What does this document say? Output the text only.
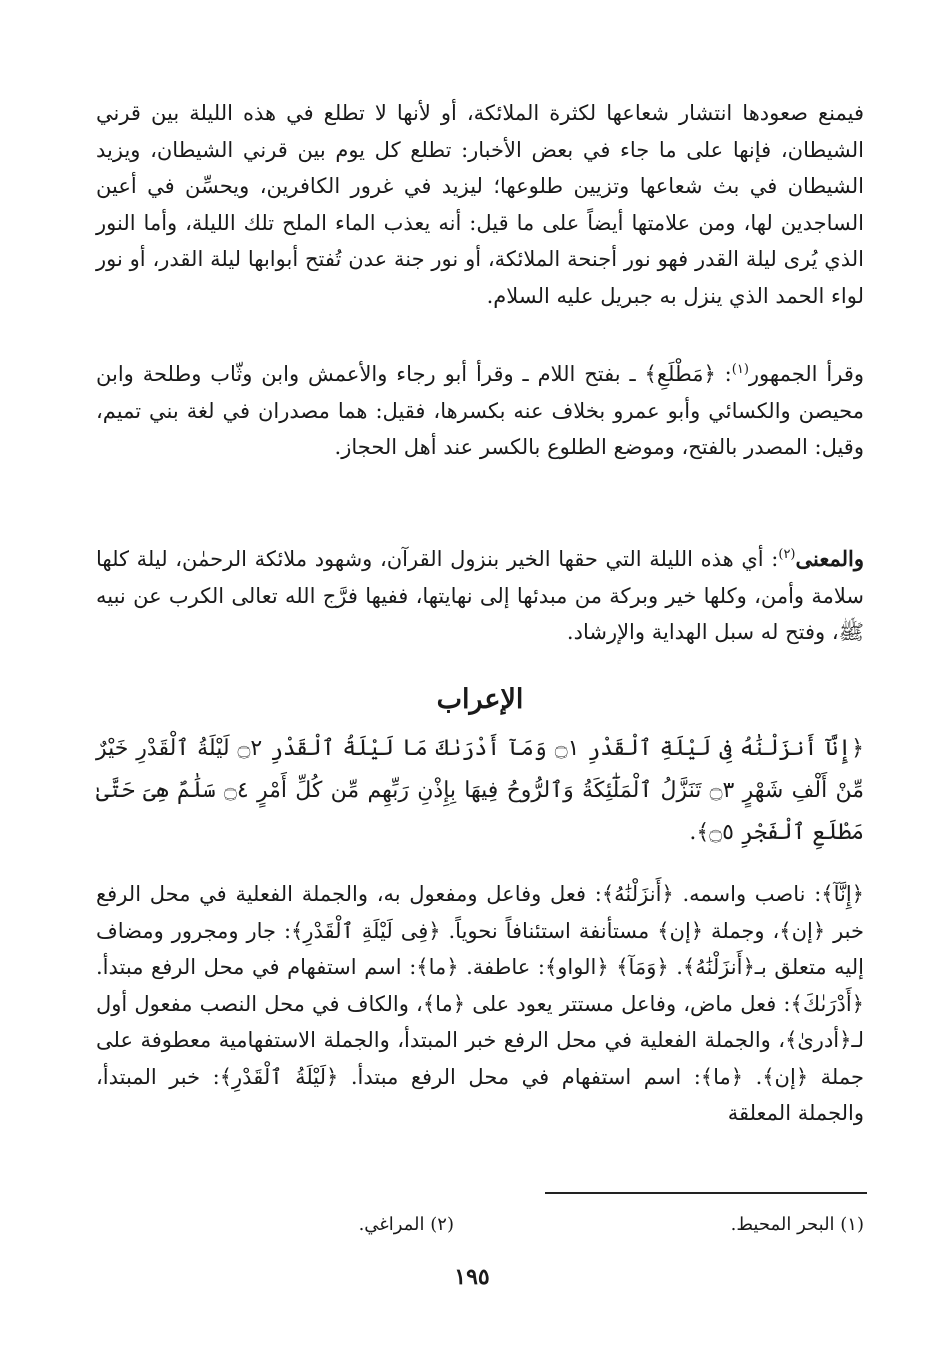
فيمنع صعودها انتشار شعاعها لكثرة الملائكة، أو لأنها لا تطلع في هذه الليلة بين قرني الشيطان، فإنها على ما جاء في بعض الأخبار: تطلع كل يوم بين قرني الشيطان، ويزيد الشيطان في بث شعاعها وتزيين طلوعها؛ ليزيد في غرور الكافرين، ويحسِّن في أعين الساجدين لها، ومن علامتها أيضاً على ما قيل: أنه يعذب الماء الملح تلك الليلة، وأما النور الذي يُرى ليلة القدر فهو نور أجنحة الملائكة، أو نور جنة عدن تُفتح أبوابها ليلة القدر، أو نور لواء الحمد الذي ينزل به جبريل عليه السلام.
وقرأ الجمهور$^{(١)}$: ﴿مَطْلَعِ﴾ ـ بفتح اللام ـ وقرأ أبو رجاء والأعمش وابن وثّاب وطلحة وابن محيصن والكسائي وأبو عمرو بخلاف عنه بكسرها، فقيل: هما مصدران في لغة بني تميم، وقيل: المصدر بالفتح، وموضع الطلوع بالكسر عند أهل الحجاز.
والمعنى$^{(٢)}$: أي هذه الليلة التي حقها الخير بنزول القرآن، وشهود ملائكة الرحمٰن، ليلة كلها سلامة وأمن، وكلها خير وبركة من مبدئها إلى نهايتها، ففيها فرَّج الله تعالى الكرب عن نبيه ﷺ، وفتح له سبل الهداية والإرشاد.
الإعراب
﴿إِنَّآ أَنزَلْنَٰهُ فِى لَيْلَةِ ٱلْقَدْرِ ۝١ وَمَآ أَدْرَىٰكَ مَا لَيْلَةُ ٱلْقَدْرِ ۝٢ لَيْلَةُ ٱلْقَدْرِ خَيْرٌ مِّنْ أَلْفِ شَهْرٍ ۝٣ تَنَزَّلُ ٱلْمَلَٰٓئِكَةُ وَٱلرُّوحُ فِيهَا بِإِذْنِ رَبِّهِم مِّن كُلِّ أَمْرٍ ۝٤ سَلَٰمٌ هِىَ حَتَّىٰ مَطْلَعِ ٱلْفَجْرِ ۝٥﴾.
﴿إِنَّآ﴾: ناصب واسمه. ﴿أَنزَلْنَٰهُ﴾: فعل وفاعل ومفعول به، والجملة الفعلية في محل الرفع خبر ﴿إن﴾، وجملة ﴿إن﴾ مستأنفة استئنافاً نحوياً. ﴿فِى لَيْلَةِ ٱلْقَدْرِ﴾: جار ومجرور ومضاف إليه متعلق بـ﴿أَنزَلْنَٰهُ﴾. ﴿وَمَآ﴾ ﴿الواو﴾: عاطفة. ﴿ما﴾: اسم استفهام في محل الرفع مبتدأ. ﴿أَدْرَىٰكَ﴾: فعل ماض، وفاعل مستتر يعود على ﴿ما﴾، والكاف في محل النصب مفعول أول لـ﴿أدرىٰ﴾، والجملة الفعلية في محل الرفع خبر المبتدأ، والجملة الاستفهامية معطوفة على جملة ﴿إن﴾. ﴿ما﴾: اسم استفهام في محل الرفع مبتدأ. ﴿لَيْلَةُ ٱلْقَدْرِ﴾: خبر المبتدأ، والجملة المعلقة
(١) البحر المحيط.
(٢) المراغي.
١٩٥
